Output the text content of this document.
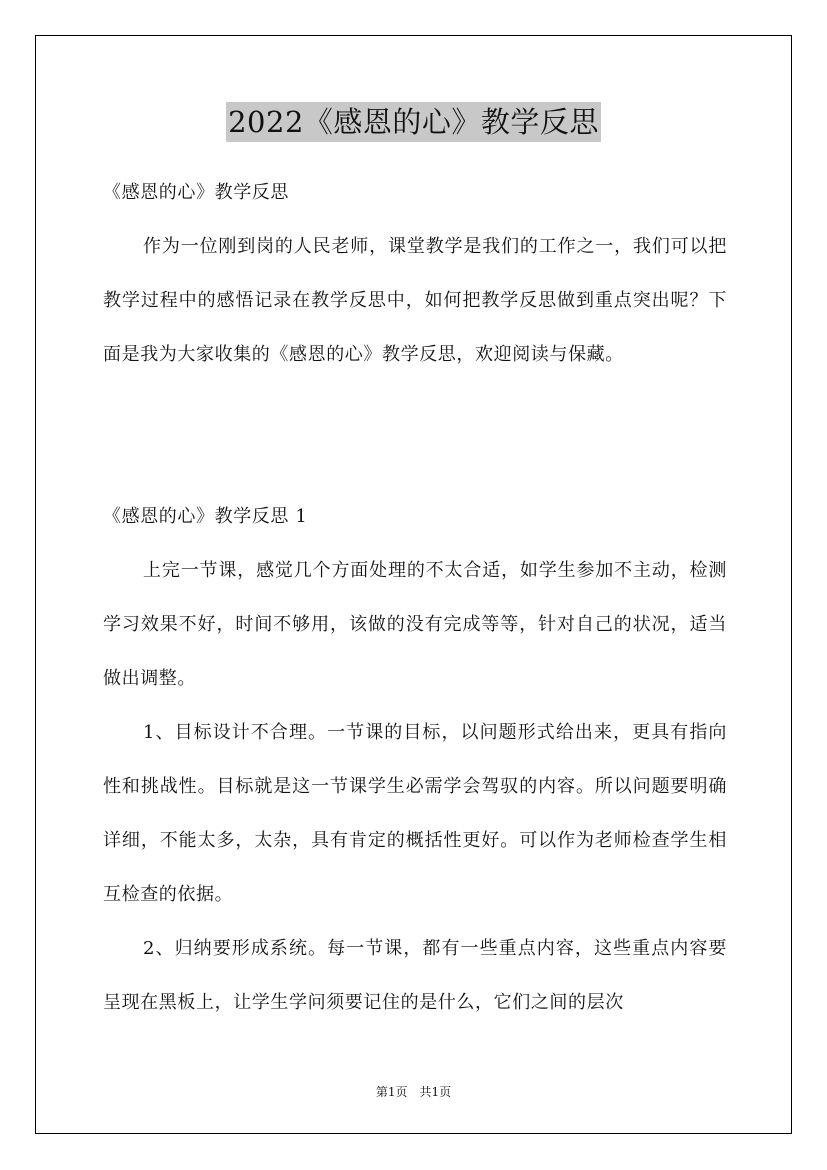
2022《感恩的心》教学反思

《感恩的心》教学反思

作为一位刚到岗的人民老师，课堂教学是我们的工作之一，我们可以把教学过程中的感悟记录在教学反思中，如何把教学反思做到重点突出呢？下面是我为大家收集的《感恩的心》教学反思，欢迎阅读与保藏。

《感恩的心》教学反思 1

上完一节课，感觉几个方面处理的不太合适，如学生参加不主动，检测学习效果不好，时间不够用，该做的没有完成等等，针对自己的状况，适当做出调整。

1、目标设计不合理。一节课的目标，以问题形式给出来，更具有指向性和挑战性。目标就是这一节课学生必需学会驾驭的内容。所以问题要明确详细，不能太多，太杂，具有肯定的概括性更好。可以作为老师检查学生相互检查的依据。

2、归纳要形成系统。每一节课，都有一些重点内容，这些重点内容要呈现在黑板上，让学生学问须要记住的是什么，它们之间的层次

第1页　共1页
